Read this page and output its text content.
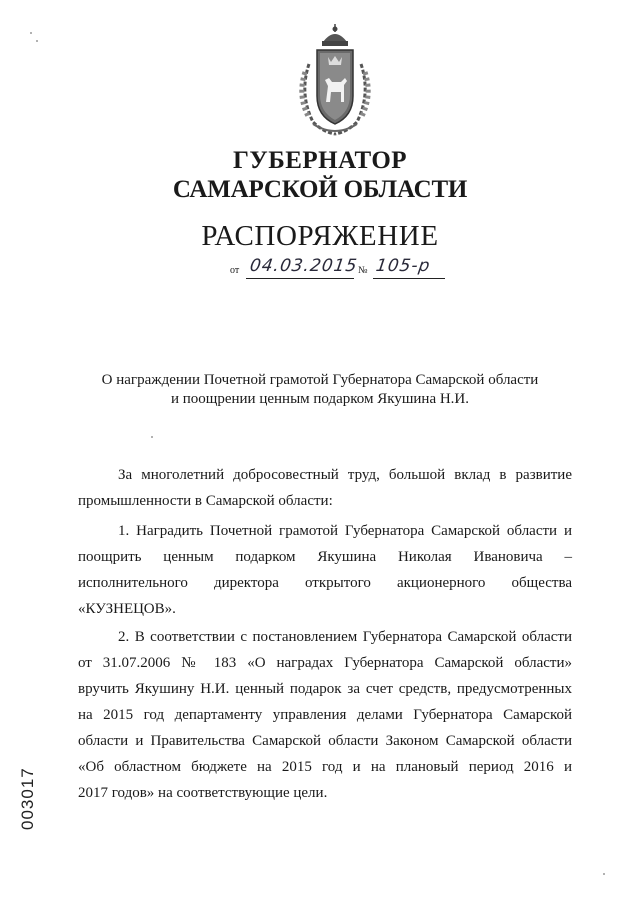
ГУБЕРНАТОР
САМАРСКОЙ ОБЛАСТИ
РАСПОРЯЖЕНИЕ
от 04.03.2015 № 105-р
О награждении Почетной грамотой Губернатора Самарской области
и поощрении ценным подарком Якушина Н.И.
За многолетний добросовестный труд, большой вклад в развитие
промышленности в Самарской области:
1. Наградить Почетной грамотой Губернатора Самарской области и
поощрить ценным подарком Якушина Николая Ивановича –
исполнительного директора открытого акционерного общества
«КУЗНЕЦОВ».
2. В соответствии с постановлением Губернатора Самарской области
от 31.07.2006 № 183 «О наградах Губернатора Самарской области»
вручить Якушину Н.И. ценный подарок за счет средств, предусмотренных
на 2015 год департаменту управления делами Губернатора Самарской
области и Правительства Самарской области Законом Самарской области
«Об областном бюджете на 2015 год и на плановый период 2016 и
2017 годов» на соответствующие цели.
003017
